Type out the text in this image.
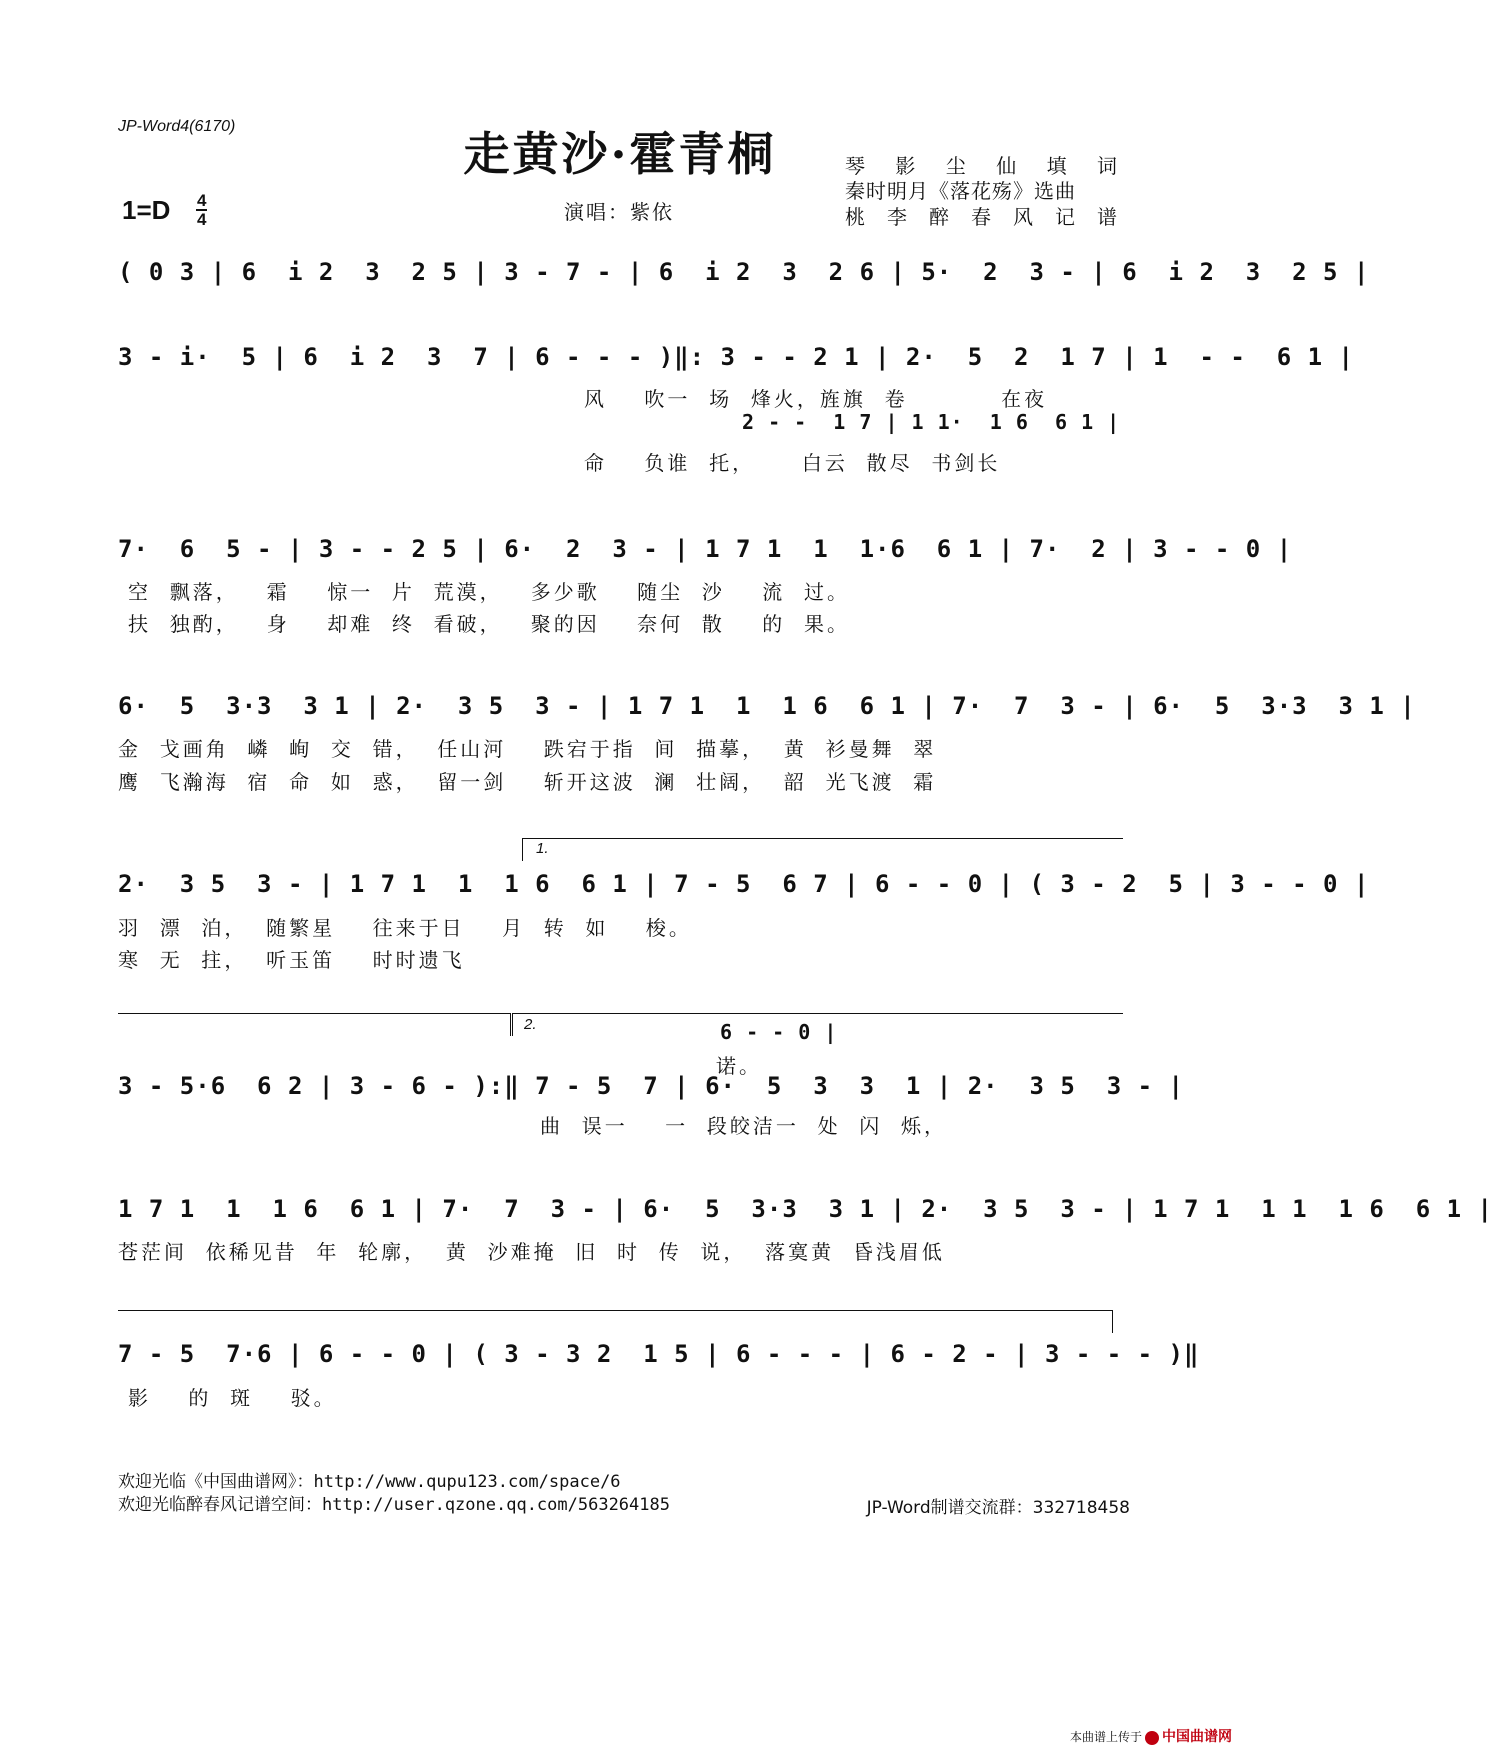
JP-Word4(6170)
走黄沙·霍青桐	琴影尘仙填词
秦时明月《落花殇》选曲
桃李醉春风记谱
$1=D \frac{4}{4}$	演唱：紫依
( 0 3 | 6  i 2  3  2 5 | 3 - 7 - | 6  i 2  3  2 6 | 5·  2  3 - | 6  i 2  3  2 5 |
3 - i·  5 | 6  i 2  3  7 | 6 - - - )‖: 3 - - 2 1 | 2·  5  2  1 7 | 1  - -  6 1 |
风    吹一  场  烽火，旌旗  卷          在夜
2 - -  1 7 | 1 1·  1 6  6 1 |
命    负谁  托，     白云  散尽  书剑长
7·  6  5 - | 3 - - 2 5 | 6·  2  3 - | 1 7 1  1  1·6  6 1 | 7·  2 | 3 - - 0 |
空  飘落，   霜    惊一  片  荒漠，   多少歌    随尘  沙    流  过。
扶  独酌，   身    却难  终  看破，   聚的因    奈何  散    的  果。
6·  5  3·3  3 1 | 2·  3 5  3 - | 1 7 1  1  1 6  6 1 | 7·  7  3 - | 6·  5  3·3  3 1 |
金  戈画角  嶙  峋  交  错，  任山河    跌宕于指  间  描摹，  黄  衫曼舞  翠
鹰  飞瀚海  宿  命  如  惑，  留一剑    斩开这波  澜  壮阔，  韶  光飞渡  霜
1.
2·  3 5  3 - | 1 7 1  1  1 6  6 1 | 7 - 5  6 7 | 6 - - 0 | ( 3 - 2  5 | 3 - - 0 |
羽  漂  泊，  随繁星    往来于日    月  转  如    梭。
寒  无  拄，  听玉笛    时时遗飞
2.	6 - - 0 |
诺。
3 - 5·6  6 2 | 3 - 6 - ):‖ 7 - 5  7 | 6·  5  3  3  1 | 2·  3 5  3 - |
曲  误一    一  段皎洁一  处  闪  烁，
1 7 1  1  1 6  6 1 | 7·  7  3 - | 6·  5  3·3  3 1 | 2·  3 5  3 - | 1 7 1  1 1  1 6  6 1 |
苍茫间  依稀见昔  年  轮廓，  黄  沙难掩  旧  时  传  说，  落寞黄  昏浅眉低
7 - 5  7·6 | 6 - - 0 | ( 3 - 3 2  1 5 | 6 - - - | 6 - 2 - | 3 - - - )‖
影    的  斑    驳。
欢迎光临《中国曲谱网》：http://www.qupu123.com/space/6
欢迎光临醉春风记谱空间：http://user.qzone.qq.com/563264185	JP-Word制谱交流群：332718458
本曲谱上传于 中国曲谱网
